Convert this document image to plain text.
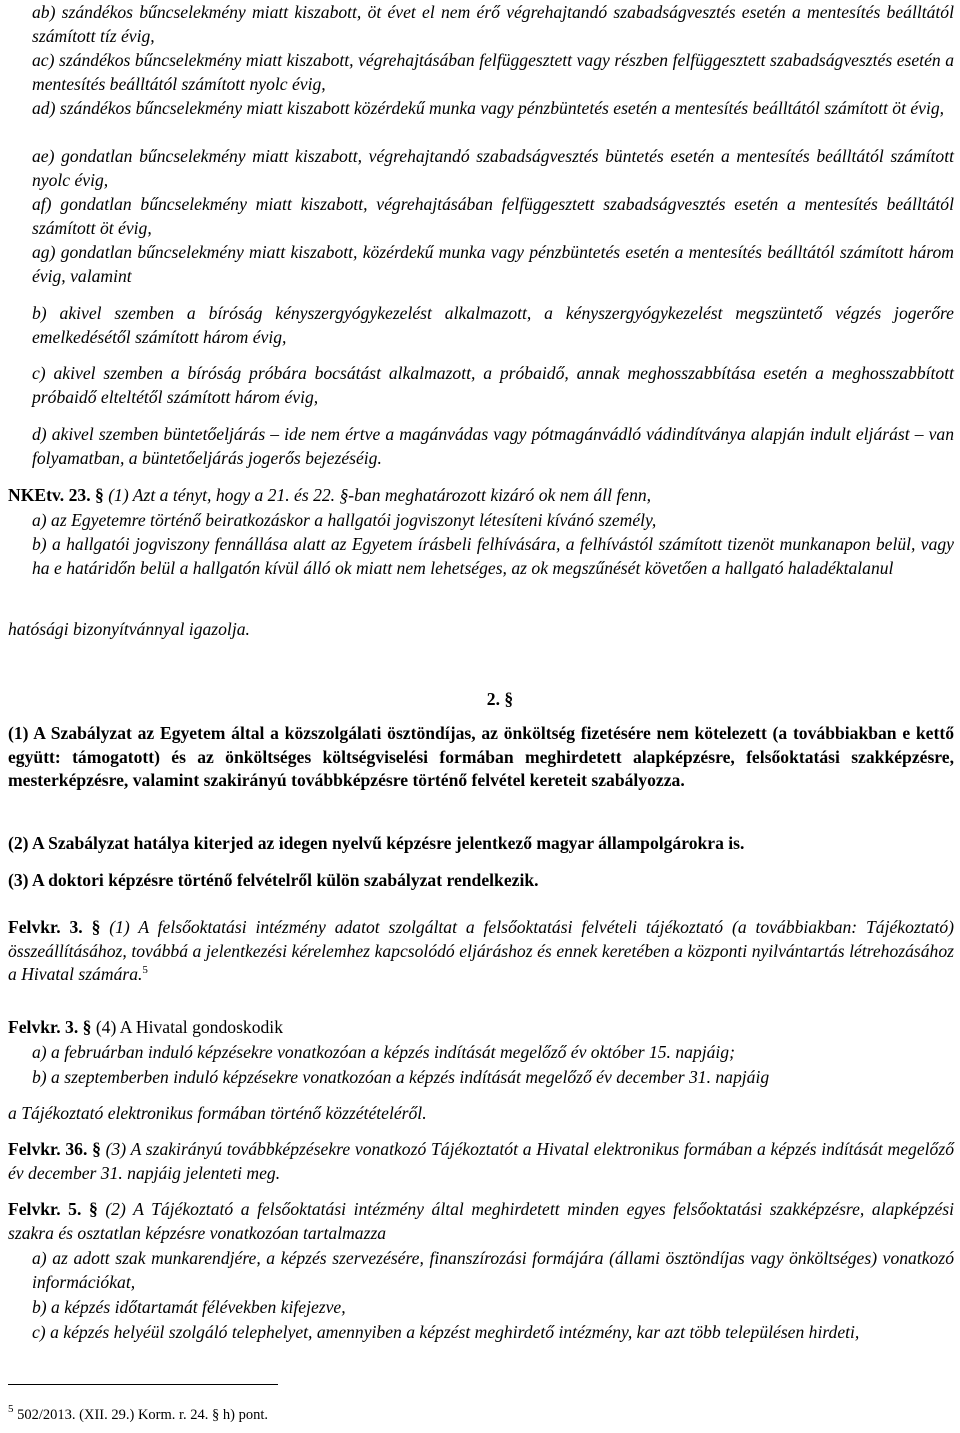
ab) szándékos bűncselekmény miatt kiszabott, öt évet el nem érő végrehajtandó szabadságvesztés esetén a mentesítés beálltától számított tíz évig,

ac) szándékos bűncselekmény miatt kiszabott, végrehajtásában felfüggesztett vagy részben felfüggesztett szabadságvesztés esetén a mentesítés beálltától számított nyolc évig,

ad) szándékos bűncselekmény miatt kiszabott közérdekű munka vagy pénzbüntetés esetén a mentesítés beálltától számított öt évig,

ae) gondatlan bűncselekmény miatt kiszabott, végrehajtandó szabadságvesztés büntetés esetén a mentesítés beálltától számított nyolc évig,

af) gondatlan bűncselekmény miatt kiszabott, végrehajtásában felfüggesztett szabadságvesztés esetén a mentesítés beálltától számított öt évig,

ag) gondatlan bűncselekmény miatt kiszabott, közérdekű munka vagy pénzbüntetés esetén a mentesítés beálltától számított három évig, valamint

b) akivel szemben a bíróság kényszergyógykezelést alkalmazott, a kényszergyógykezelést megszüntető végzés jogerőre emelkedésétől számított három évig,

c) akivel szemben a bíróság próbára bocsátást alkalmazott, a próbaidő, annak meghosszabbítása esetén a meghosszabbított próbaidő elteltétől számított három évig,

d) akivel szemben büntetőeljárás – ide nem értve a magánvádas vagy pótmagánvádló vádindítványa alapján indult eljárást – van folyamatban, a büntetőeljárás jogerős bejezéséig.

NKEtv. 23. § (1) Azt a tényt, hogy a 21. és 22. §-ban meghatározott kizáró ok nem áll fenn,

a) az Egyetemre történő beiratkozáskor a hallgatói jogviszonyt létesíteni kívánó személy,

b) a hallgatói jogviszony fennállása alatt az Egyetem írásbeli felhívására, a felhívástól számított tizenöt munkanapon belül, vagy ha e határidőn belül a hallgatón kívül álló ok miatt nem lehetséges, az ok megszűnését követően a hallgató haladéktalanul

hatósági bizonyítvánnyal igazolja.

2. §

(1) A Szabályzat az Egyetem által a közszolgálati ösztöndíjas, az önköltség fizetésére nem kötelezett (a továbbiakban e kettő együtt: támogatott) és az önköltséges költségviselési formában meghirdetett alapképzésre, felsőoktatási szakképzésre, mesterképzésre, valamint szakirányú továbbképzésre történő felvétel kereteit szabályozza.

(2) A Szabályzat hatálya kiterjed az idegen nyelvű képzésre jelentkező magyar állampolgárokra is.

(3) A doktori képzésre történő felvételről külön szabályzat rendelkezik.

Felvkr. 3. § (1) A felsőoktatási intézmény adatot szolgáltat a felsőoktatási felvételi tájékoztató (a továbbiakban: Tájékoztató) összeállításához, továbbá a jelentkezési kérelemhez kapcsolódó eljáráshoz és ennek keretében a központi nyilvántartás létrehozásához a Hivatal számára.$^5$

Felvkr. 3. § (4) A Hivatal gondoskodik

a) a februárban induló képzésekre vonatkozóan a képzés indítását megelőző év október 15. napjáig;

b) a szeptemberben induló képzésekre vonatkozóan a képzés indítását megelőző év december 31. napjáig

a Tájékoztató elektronikus formában történő közzétételéről.

Felvkr. 36. § (3) A szakirányú továbbképzésekre vonatkozó Tájékoztatót a Hivatal elektronikus formában a képzés indítását megelőző év december 31. napjáig jelenteti meg.

Felvkr. 5. § (2) A Tájékoztató a felsőoktatási intézmény által meghirdetett minden egyes felsőoktatási szakképzésre, alapképzési szakra és osztatlan képzésre vonatkozóan tartalmazza

a) az adott szak munkarendjére, a képzés szervezésére, finanszírozási formájára (állami ösztöndíjas vagy önköltséges) vonatkozó információkat,

b) a képzés időtartamát félévekben kifejezve,

c) a képzés helyéül szolgáló telephelyet, amennyiben a képzést meghirdető intézmény, kar azt több településen hirdeti,

$^5$ 502/2013. (XII. 29.) Korm. r. 24. § h) pont.
